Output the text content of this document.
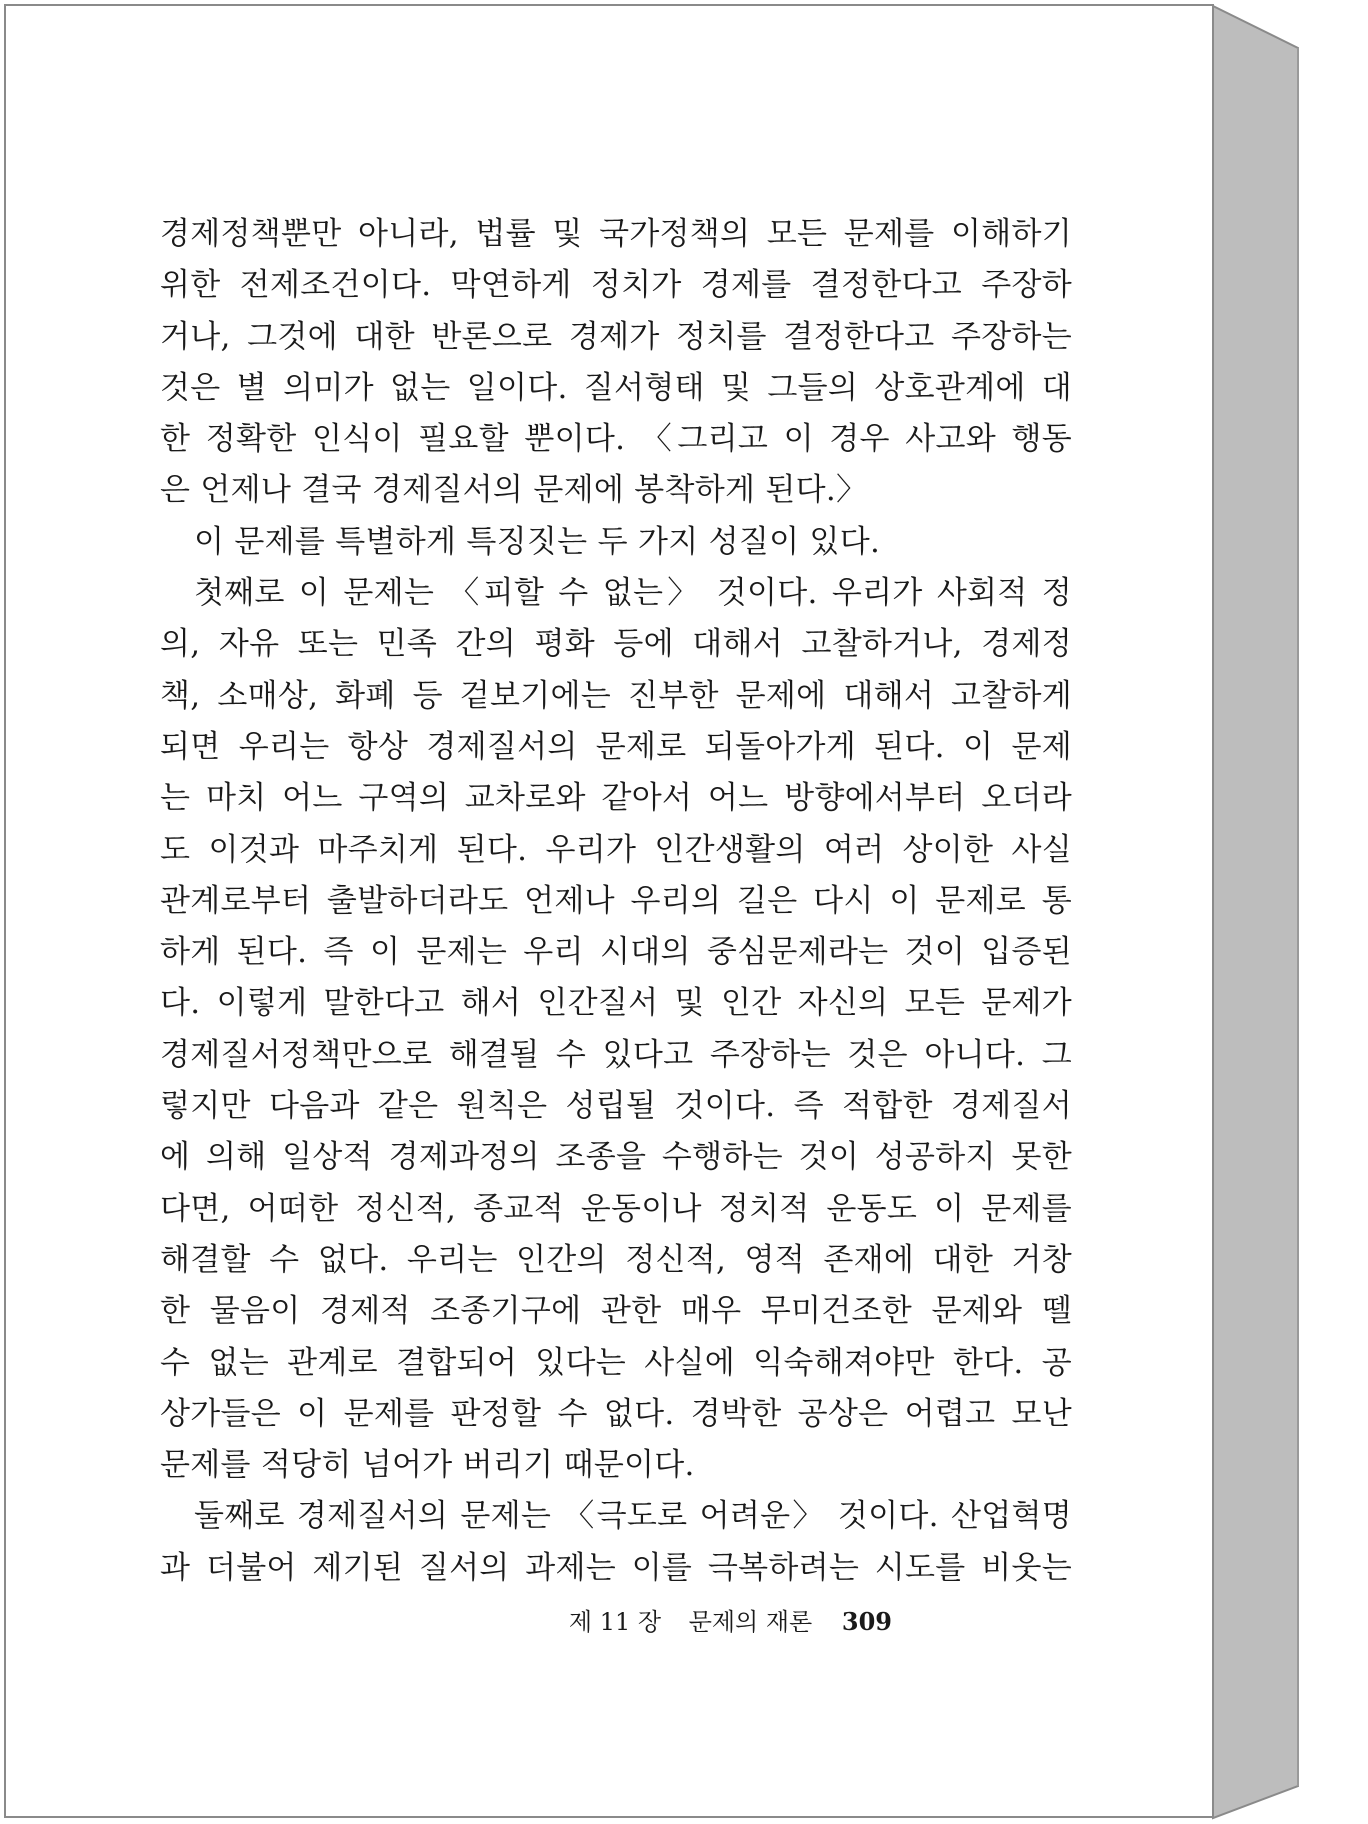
경제정책뿐만 아니라, 법률 및 국가정책의 모든 문제를 이해하기
위한 전제조건이다. 막연하게 정치가 경제를 결정한다고 주장하
거나, 그것에 대한 반론으로 경제가 정치를 결정한다고 주장하는
것은 별 의미가 없는 일이다. 질서형태 및 그들의 상호관계에 대
한 정확한 인식이 필요할 뿐이다. 〈그리고 이 경우 사고와 행동
은 언제나 결국 경제질서의 문제에 봉착하게 된다.〉
이 문제를 특별하게 특징짓는 두 가지 성질이 있다.
첫째로 이 문제는 〈피할 수 없는〉 것이다. 우리가 사회적 정
의, 자유 또는 민족 간의 평화 등에 대해서 고찰하거나, 경제정
책, 소매상, 화폐 등 겉보기에는 진부한 문제에 대해서 고찰하게
되면 우리는 항상 경제질서의 문제로 되돌아가게 된다. 이 문제
는 마치 어느 구역의 교차로와 같아서 어느 방향에서부터 오더라
도 이것과 마주치게 된다. 우리가 인간생활의 여러 상이한 사실
관계로부터 출발하더라도 언제나 우리의 길은 다시 이 문제로 통
하게 된다. 즉 이 문제는 우리 시대의 중심문제라는 것이 입증된
다. 이렇게 말한다고 해서 인간질서 및 인간 자신의 모든 문제가
경제질서정책만으로 해결될 수 있다고 주장하는 것은 아니다. 그
렇지만 다음과 같은 원칙은 성립될 것이다. 즉 적합한 경제질서
에 의해 일상적 경제과정의 조종을 수행하는 것이 성공하지 못한
다면, 어떠한 정신적, 종교적 운동이나 정치적 운동도 이 문제를
해결할 수 없다. 우리는 인간의 정신적, 영적 존재에 대한 거창
한 물음이 경제적 조종기구에 관한 매우 무미건조한 문제와 뗄
수 없는 관계로 결합되어 있다는 사실에 익숙해져야만 한다. 공
상가들은 이 문제를 판정할 수 없다. 경박한 공상은 어렵고 모난
문제를 적당히 넘어가 버리기 때문이다.
둘째로 경제질서의 문제는 〈극도로 어려운〉 것이다. 산업혁명
과 더불어 제기된 질서의 과제는 이를 극복하려는 시도를 비웃는
제 11 장 문제의 재론 309
